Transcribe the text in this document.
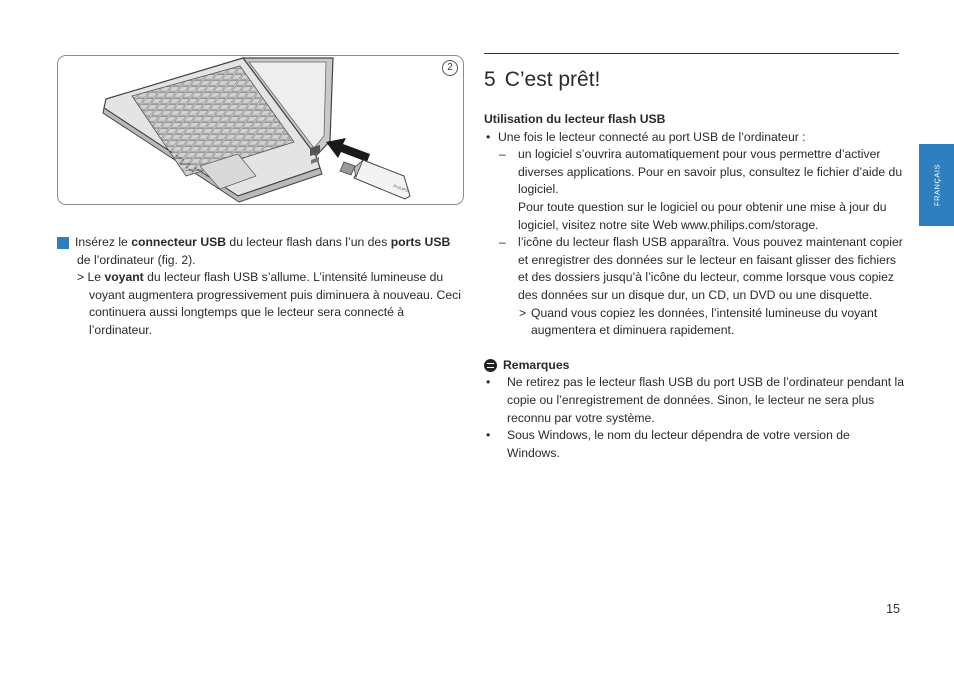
PHILIPS
2
2 Insérez le connecteur USB du lecteur flash dans l’un des ports USB de l’ordinateur (fig. 2).
> Le voyant du lecteur flash USB s’allume. L’intensité lumineuse du voyant augmentera progressivement puis diminuera à nouveau. Ceci continuera aussi longtemps que le lecteur sera connecté à l’ordinateur.
5 C’est prêt!
Utilisation du lecteur flash USB
• Une fois le lecteur connecté au port USB de l’ordinateur :
– un logiciel s’ouvrira automatiquement pour vous permettre d’activer diverses applications. Pour en savoir plus, consultez le fichier d’aide du logiciel.
Pour toute question sur le logiciel ou pour obtenir une mise à jour du logiciel, visitez notre site Web www.philips.com/storage.
– l’icône du lecteur flash USB apparaîtra. Vous pouvez maintenant copier et enregistrer des données sur le lecteur en faisant glisser des fichiers et des dossiers jusqu’à l’icône du lecteur, comme lorsque vous copiez des données sur un disque dur, un CD, un DVD ou une disquette.
> Quand vous copiez les données, l’intensité lumineuse du voyant augmentera et diminuera rapidement.
Remarques
• Ne retirez pas le lecteur flash USB du port USB de l’ordinateur pendant la copie ou l’enregistrement de données. Sinon, le lecteur ne sera plus reconnu par votre système.
• Sous Windows, le nom du lecteur dépendra de votre version de Windows.
FRANÇAIS
15
